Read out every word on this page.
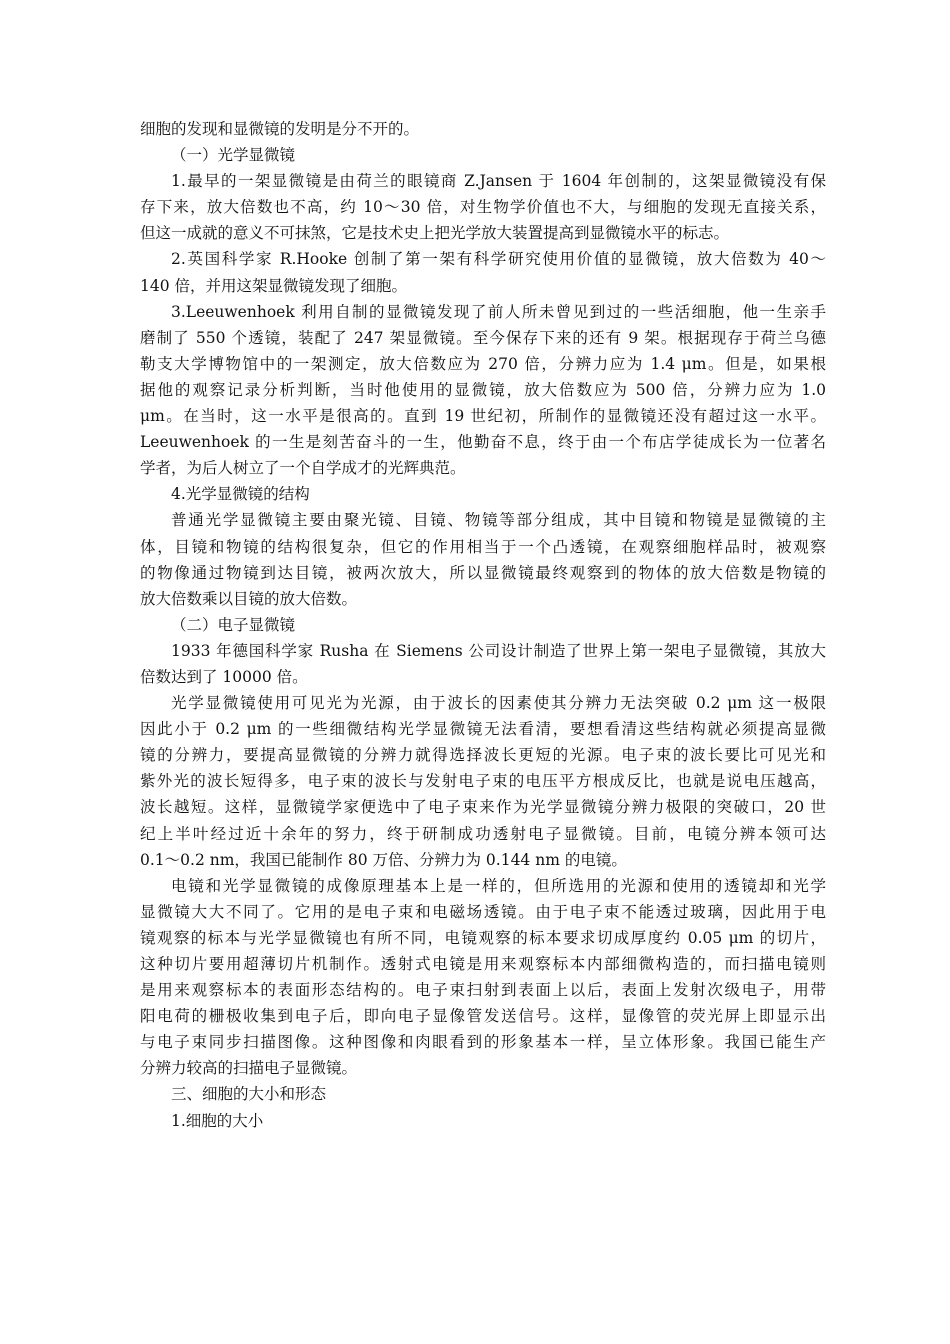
细胞的发现和显微镜的发明是分不开的。
（一）光学显微镜
1.最早的一架显微镜是由荷兰的眼镜商 Z.Jansen 于 1604 年创制的，这架显微镜没有保
存下来，放大倍数也不高，约 10～30 倍，对生物学价值也不大，与细胞的发现无直接关系，
但这一成就的意义不可抹煞，它是技术史上把光学放大装置提高到显微镜水平的标志。
2.英国科学家 R.Hooke 创制了第一架有科学研究使用价值的显微镜，放大倍数为 40～
140 倍，并用这架显微镜发现了细胞。
3.Leeuwenhoek 利用自制的显微镜发现了前人所未曾见到过的一些活细胞，他一生亲手
磨制了 550 个透镜，装配了 247 架显微镜。至今保存下来的还有 9 架。根据现存于荷兰乌德
勒支大学博物馆中的一架测定，放大倍数应为 270 倍，分辨力应为 1.4 μm。但是，如果根
据他的观察记录分析判断，当时他使用的显微镜，放大倍数应为 500 倍，分辨力应为 1.0
μm。在当时，这一水平是很高的。直到 19 世纪初，所制作的显微镜还没有超过这一水平。
Leeuwenhoek 的一生是刻苦奋斗的一生，他勤奋不息，终于由一个布店学徒成长为一位著名
学者，为后人树立了一个自学成才的光辉典范。
4.光学显微镜的结构
普通光学显微镜主要由聚光镜、目镜、物镜等部分组成，其中目镜和物镜是显微镜的主
体，目镜和物镜的结构很复杂，但它的作用相当于一个凸透镜，在观察细胞样品时，被观察
的物像通过物镜到达目镜，被两次放大，所以显微镜最终观察到的物体的放大倍数是物镜的
放大倍数乘以目镜的放大倍数。
（二）电子显微镜
1933 年德国科学家 Rusha 在 Siemens 公司设计制造了世界上第一架电子显微镜，其放大
倍数达到了 10000 倍。
光学显微镜使用可见光为光源，由于波长的因素使其分辨力无法突破 0.2 μm 这一极限
因此小于 0.2 μm 的一些细微结构光学显微镜无法看清，要想看清这些结构就必须提高显微
镜的分辨力，要提高显微镜的分辨力就得选择波长更短的光源。电子束的波长要比可见光和
紫外光的波长短得多，电子束的波长与发射电子束的电压平方根成反比，也就是说电压越高，
波长越短。这样，显微镜学家便选中了电子束来作为光学显微镜分辨力极限的突破口，20 世
纪上半叶经过近十余年的努力，终于研制成功透射电子显微镜。目前，电镜分辨本领可达
0.1～0.2 nm，我国已能制作 80 万倍、分辨力为 0.144 nm 的电镜。
电镜和光学显微镜的成像原理基本上是一样的，但所选用的光源和使用的透镜却和光学
显微镜大大不同了。它用的是电子束和电磁场透镜。由于电子束不能透过玻璃，因此用于电
镜观察的标本与光学显微镜也有所不同，电镜观察的标本要求切成厚度约 0.05 μm 的切片，
这种切片要用超薄切片机制作。透射式电镜是用来观察标本内部细微构造的，而扫描电镜则
是用来观察标本的表面形态结构的。电子束扫射到表面上以后，表面上发射次级电子，用带
阳电荷的栅极收集到电子后，即向电子显像管发送信号。这样，显像管的荧光屏上即显示出
与电子束同步扫描图像。这种图像和肉眼看到的形象基本一样，呈立体形象。我国已能生产
分辨力较高的扫描电子显微镜。
三、细胞的大小和形态
1.细胞的大小
